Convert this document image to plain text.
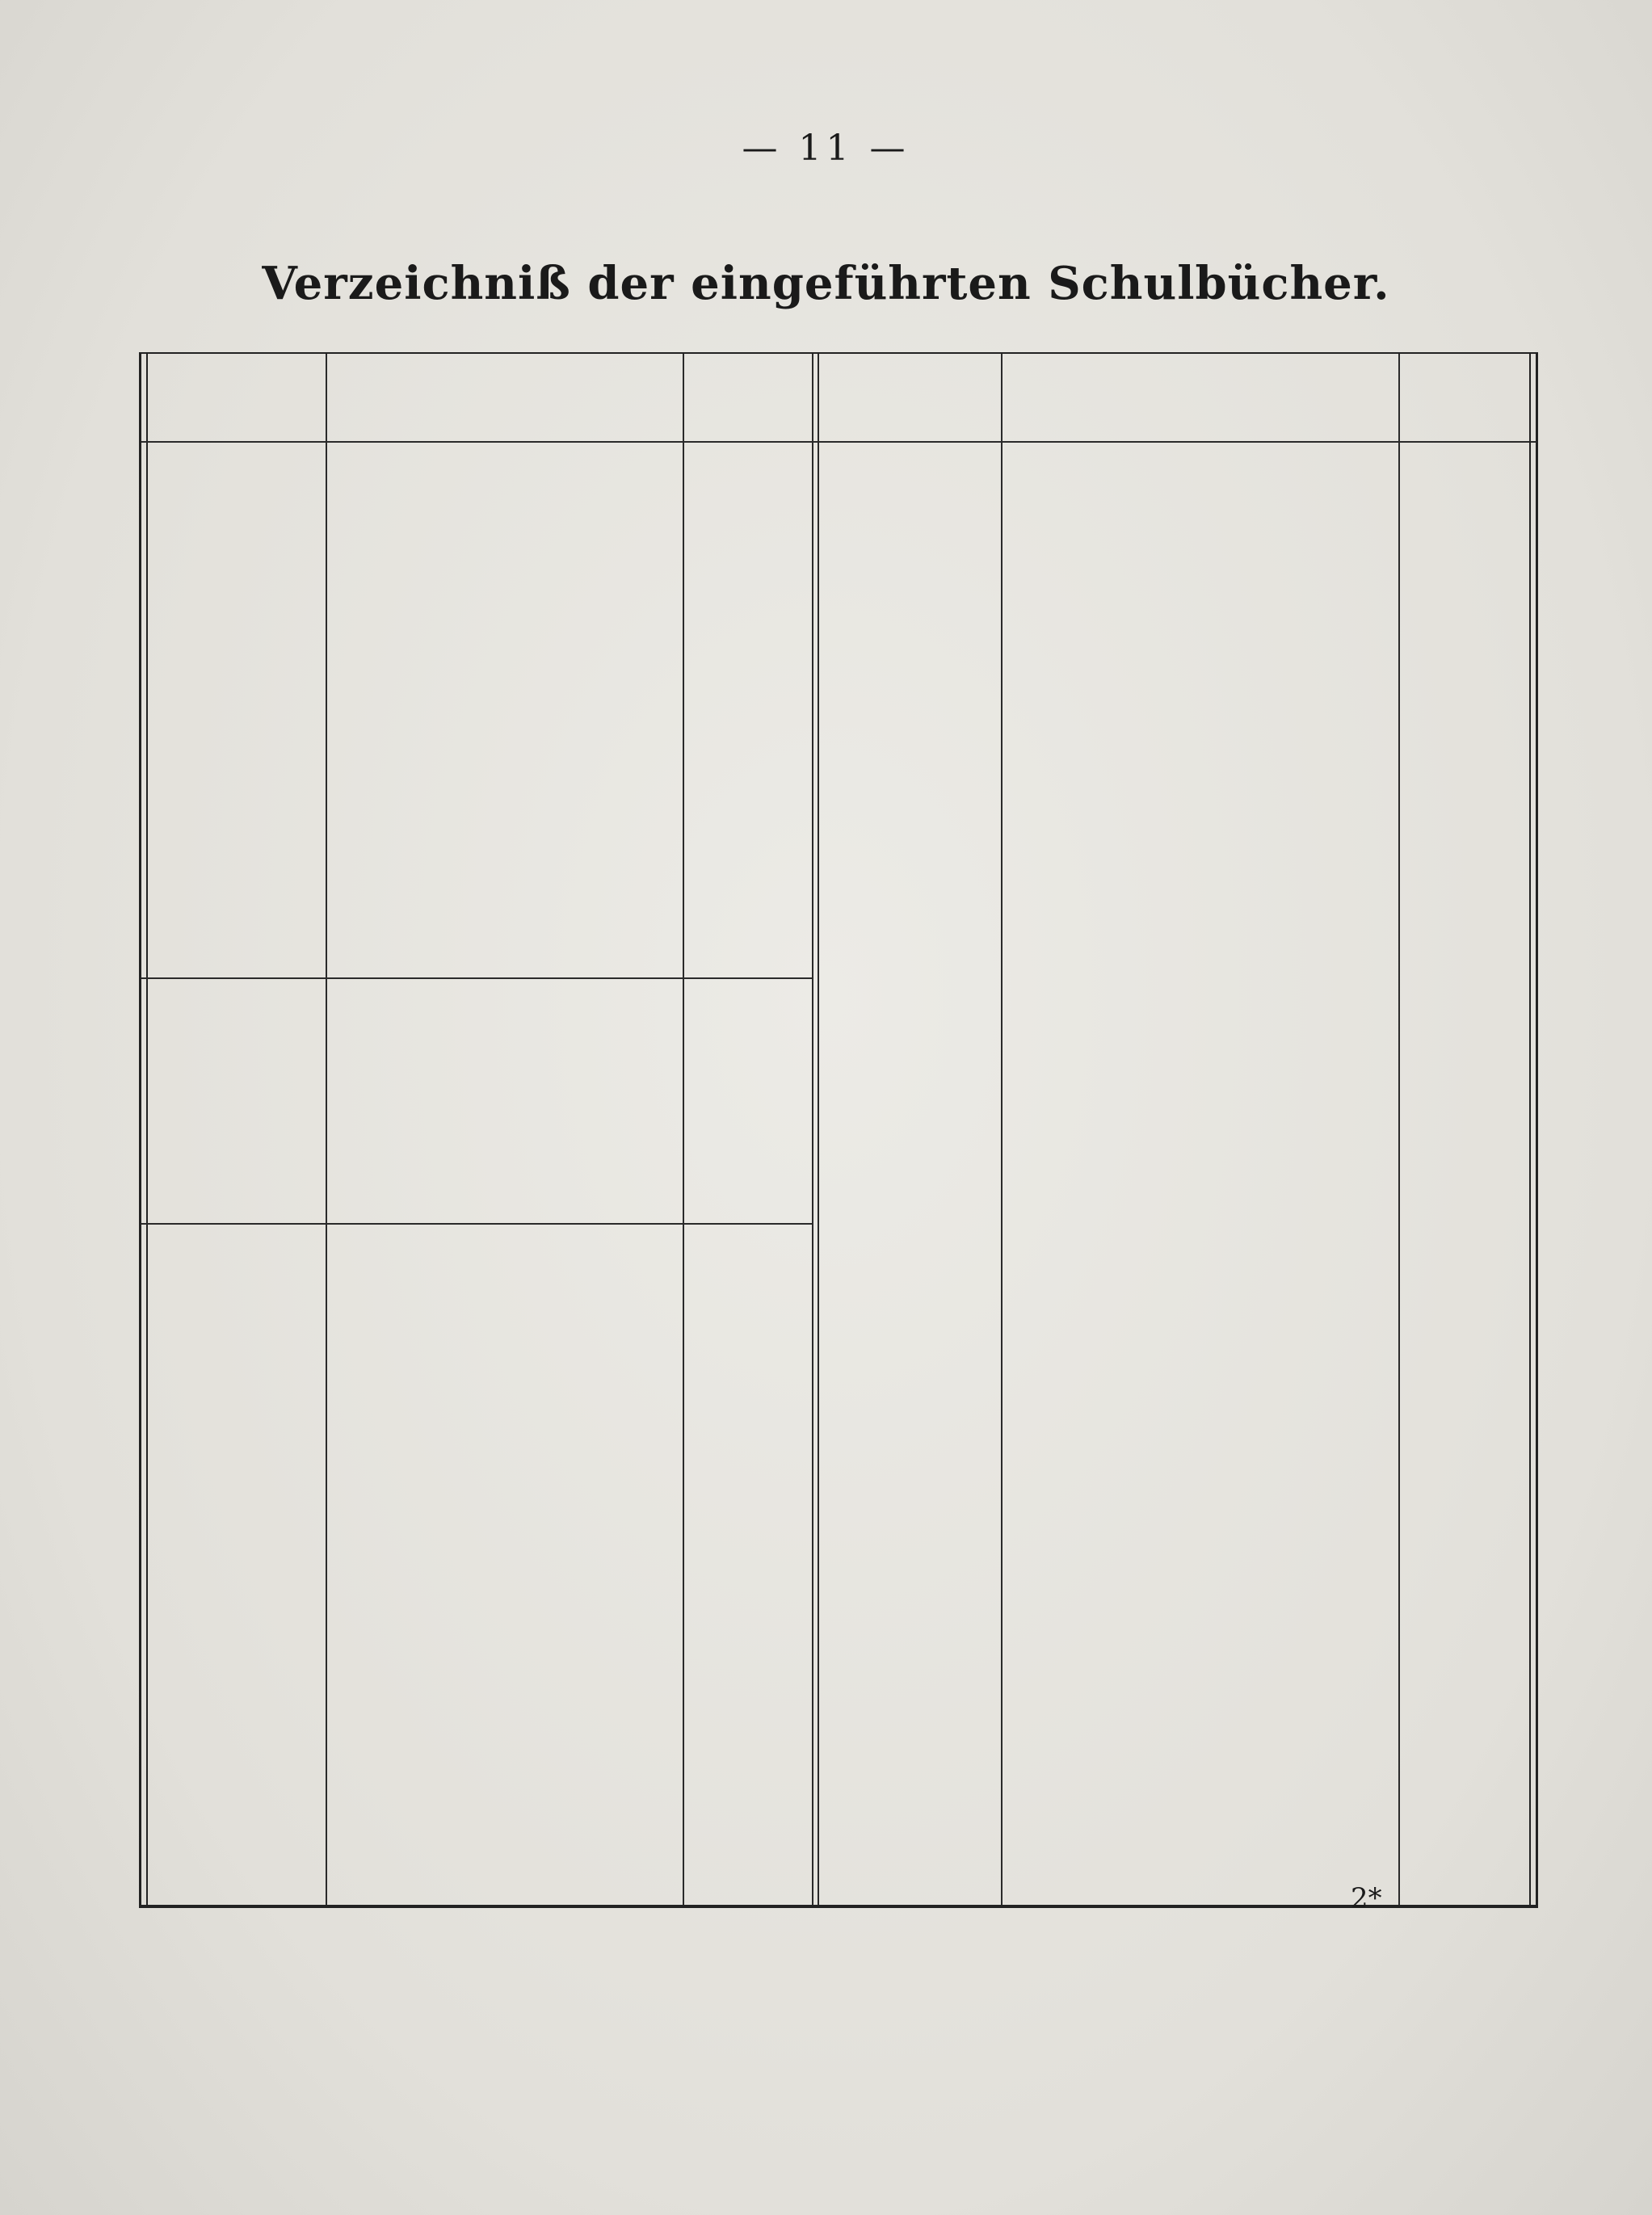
— 11 —
Verzeichniß der eingeführten Schulbücher.
2*
